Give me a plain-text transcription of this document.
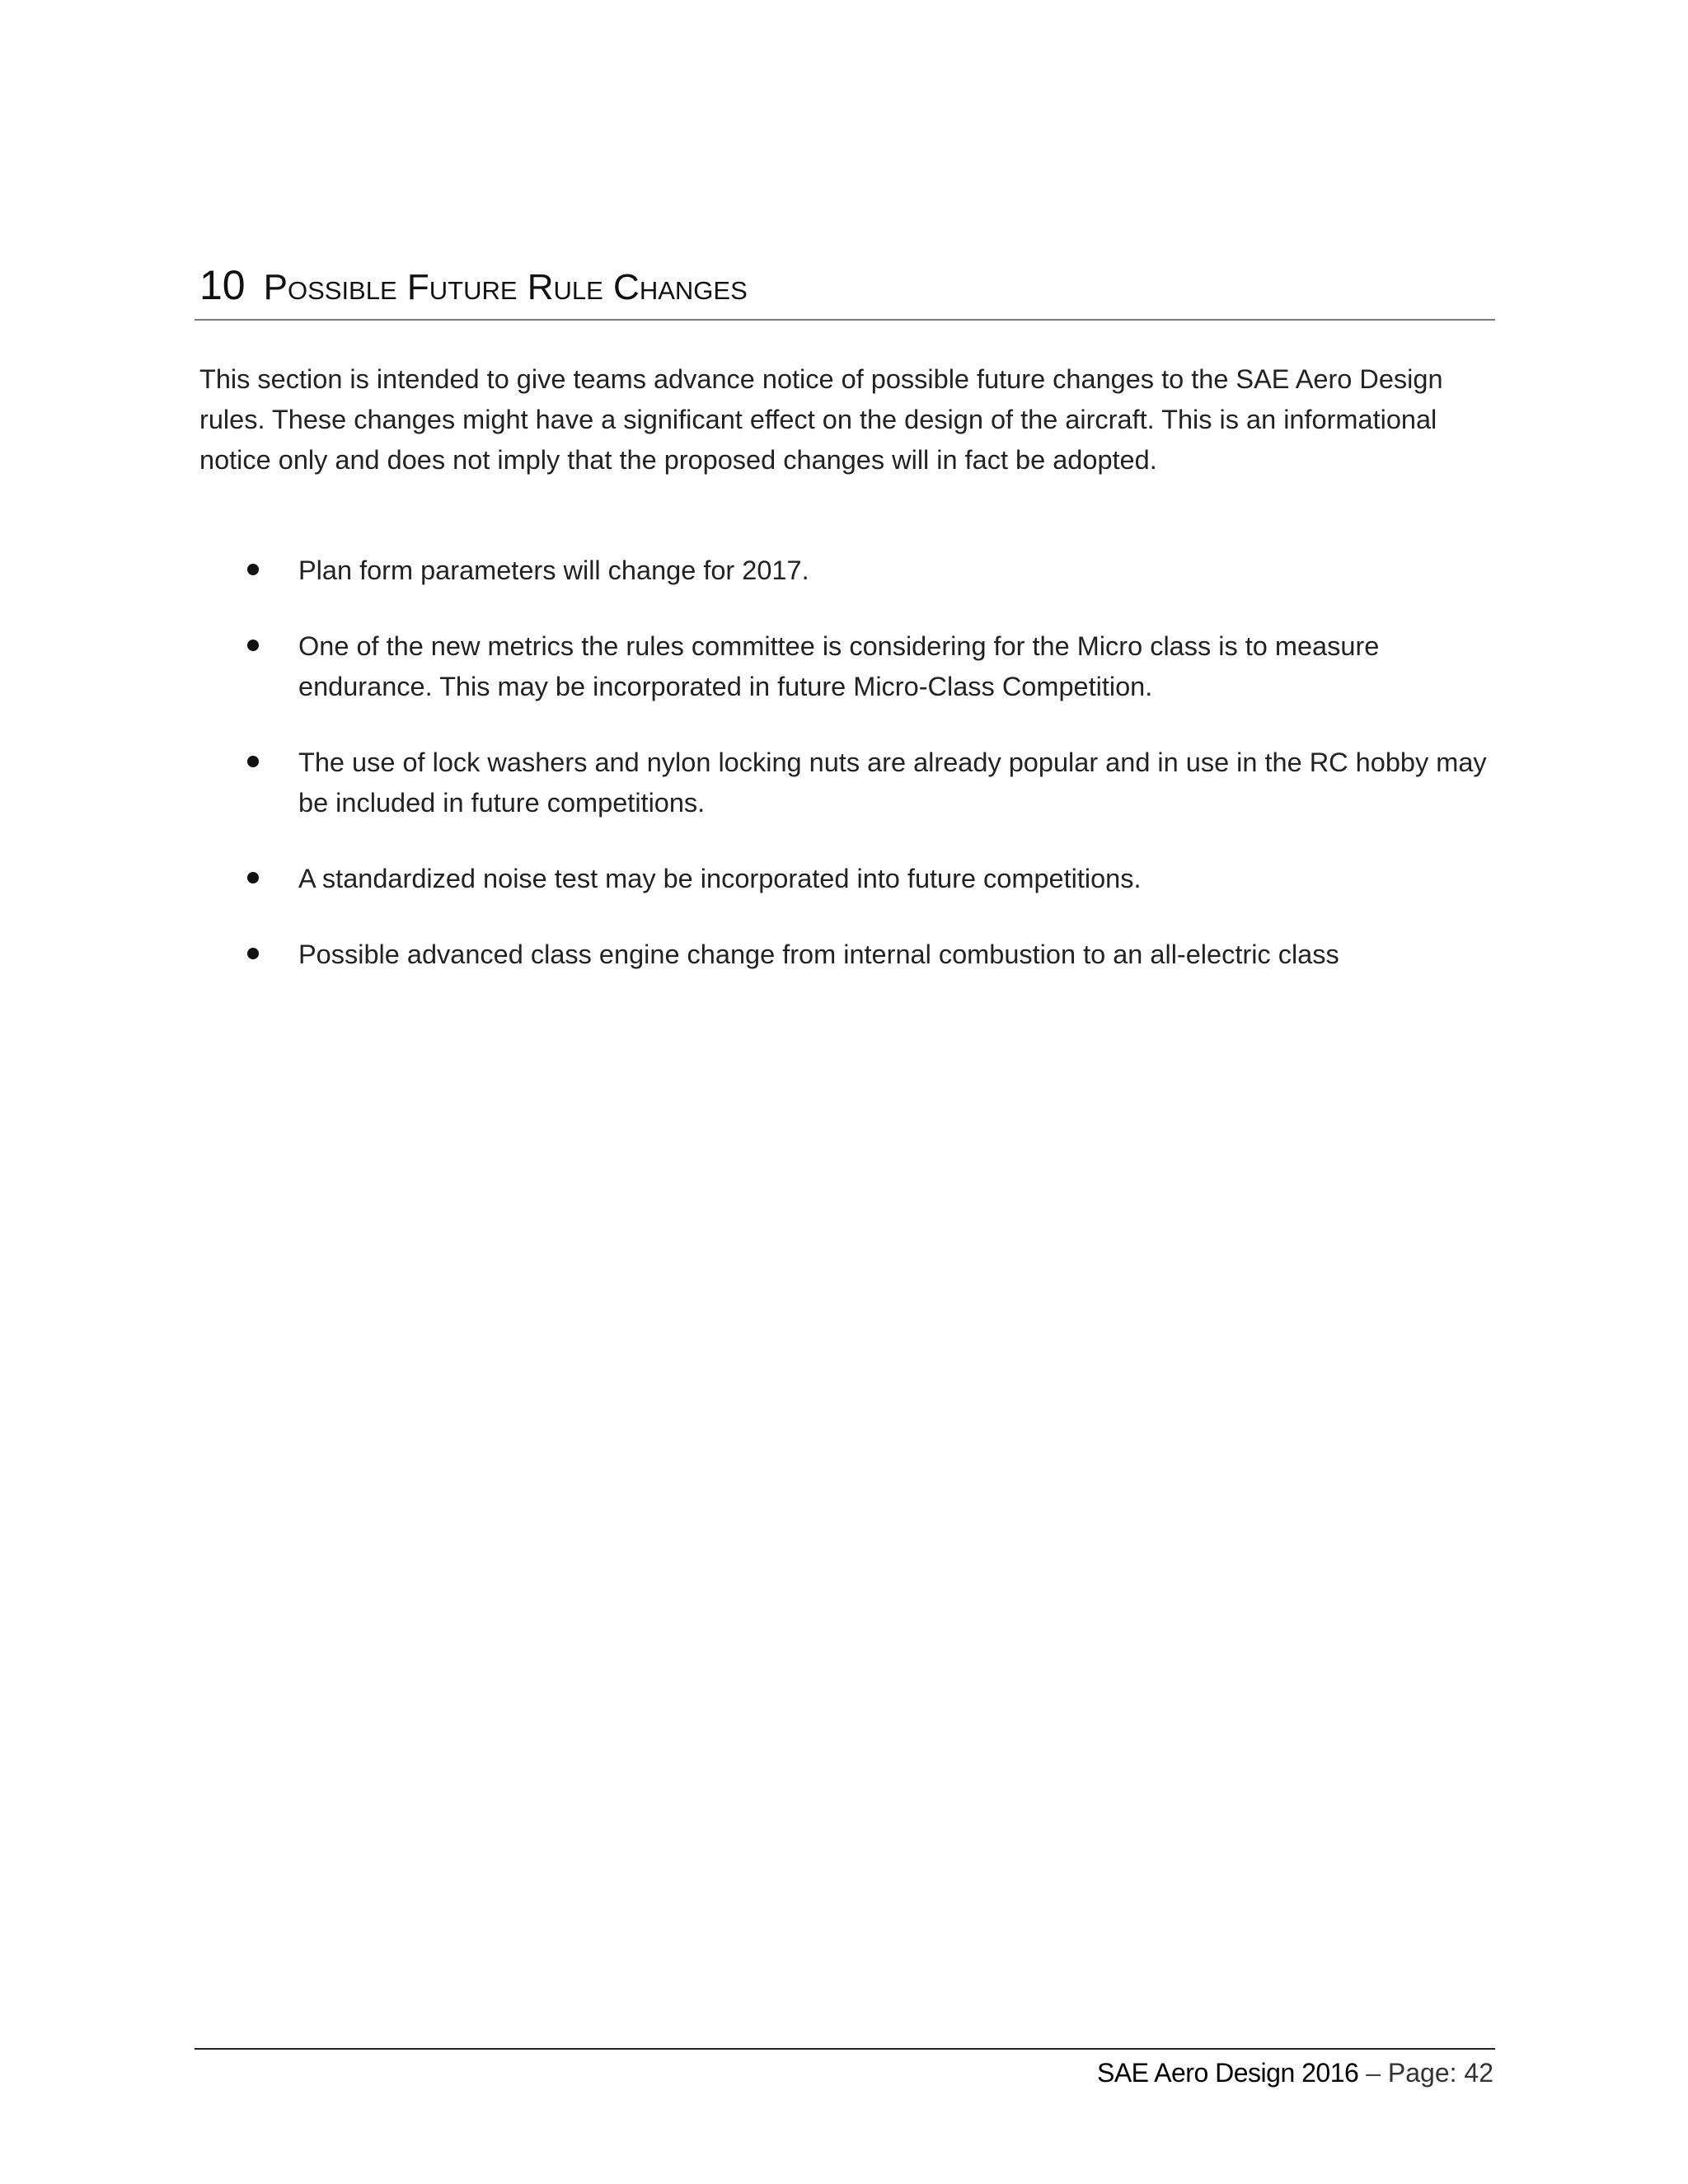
10 Possible Future Rule Changes

This section is intended to give teams advance notice of possible future changes to the SAE Aero Design rules. These changes might have a significant effect on the design of the aircraft. This is an informational notice only and does not imply that the proposed changes will in fact be adopted.

Plan form parameters will change for 2017.
One of the new metrics the rules committee is considering for the Micro class is to measure endurance. This may be incorporated in future Micro-Class Competition.
The use of lock washers and nylon locking nuts are already popular and in use in the RC hobby may be included in future competitions.
A standardized noise test may be incorporated into future competitions.
Possible advanced class engine change from internal combustion to an all-electric class
SAE Aero Design 2016 – Page: 42
